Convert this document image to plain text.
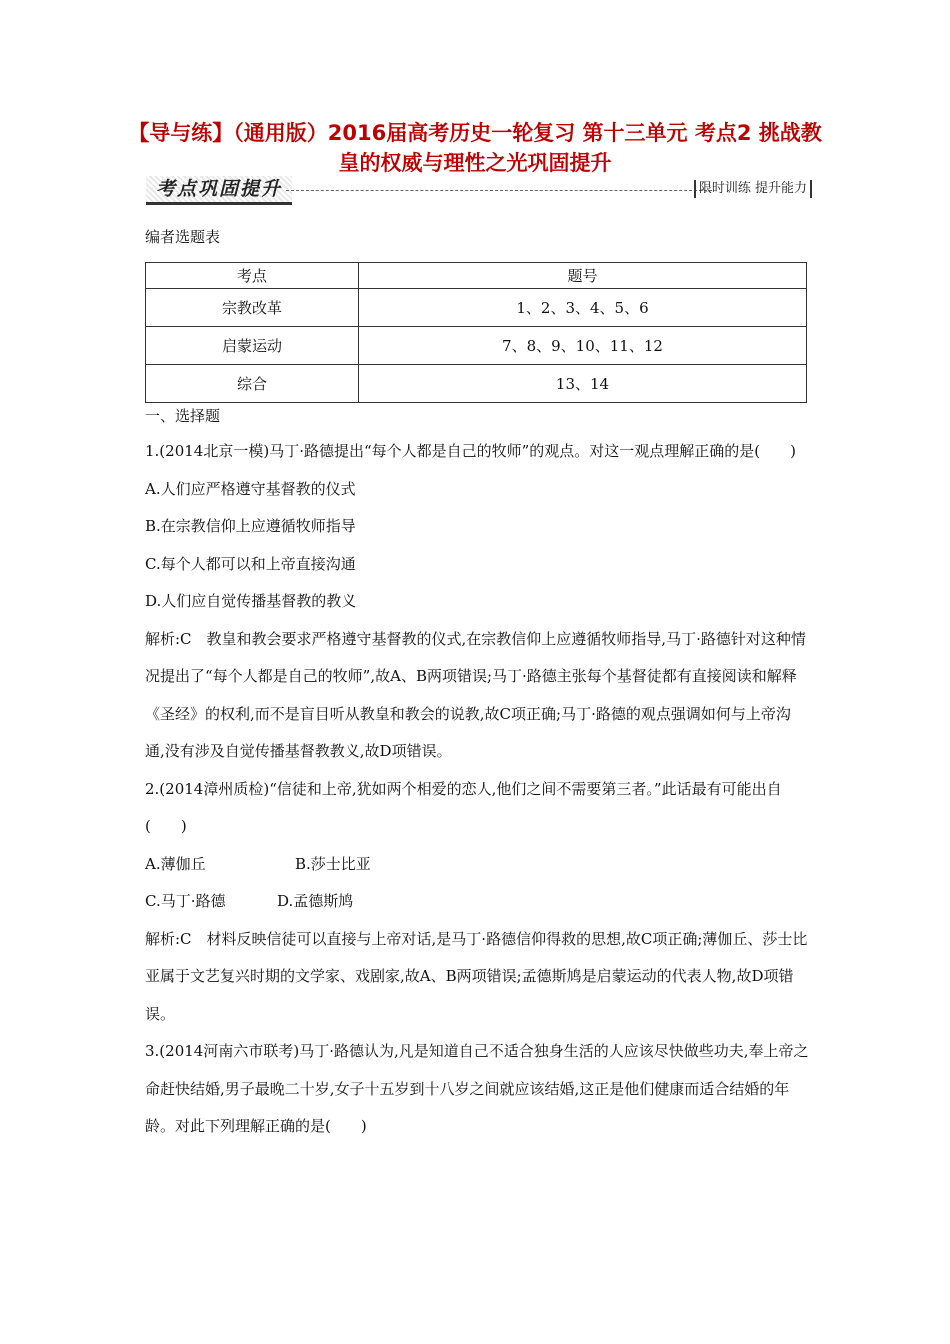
【导与练】（通用版）2016届高考历史一轮复习 第十三单元 考点2 挑战教皇的权威与理性之光巩固提升
考点巩固提升	限时训练 提升能力
编者选题表
考点	题号
宗教改革	1、2、3、4、5、6
启蒙运动	7、8、9、10、11、12
综合	13、14
一、选择题

1.(2014北京一模)马丁·路德提出“每个人都是自己的牧师”的观点。对这一观点理解正确的是(　　)

A.人们应严格遵守基督教的仪式

B.在宗教信仰上应遵循牧师指导

C.每个人都可以和上帝直接沟通

D.人们应自觉传播基督教的教义

解析:C　教皇和教会要求严格遵守基督教的仪式,在宗教信仰上应遵循牧师指导,马丁·路德针对这种情况提出了“每个人都是自己的牧师”,故A、B两项错误;马丁·路德主张每个基督徒都有直接阅读和解释《圣经》的权利,而不是盲目听从教皇和教会的说教,故C项正确;马丁·路德的观点强调如何与上帝沟通,没有涉及自觉传播基督教教义,故D项错误。

2.(2014漳州质检)“信徒和上帝,犹如两个相爱的恋人,他们之间不需要第三者。”此话最有可能出自(　　)

A.薄伽丘	B.莎士比亚

C.马丁·路德	D.孟德斯鸠

解析:C　材料反映信徒可以直接与上帝对话,是马丁·路德信仰得救的思想,故C项正确;薄伽丘、莎士比亚属于文艺复兴时期的文学家、戏剧家,故A、B两项错误;孟德斯鸠是启蒙运动的代表人物,故D项错误。

3.(2014河南六市联考)马丁·路德认为,凡是知道自己不适合独身生活的人应该尽快做些功夫,奉上帝之命赶快结婚,男子最晚二十岁,女子十五岁到十八岁之间就应该结婚,这正是他们健康而适合结婚的年龄。对此下列理解正确的是(　　)
